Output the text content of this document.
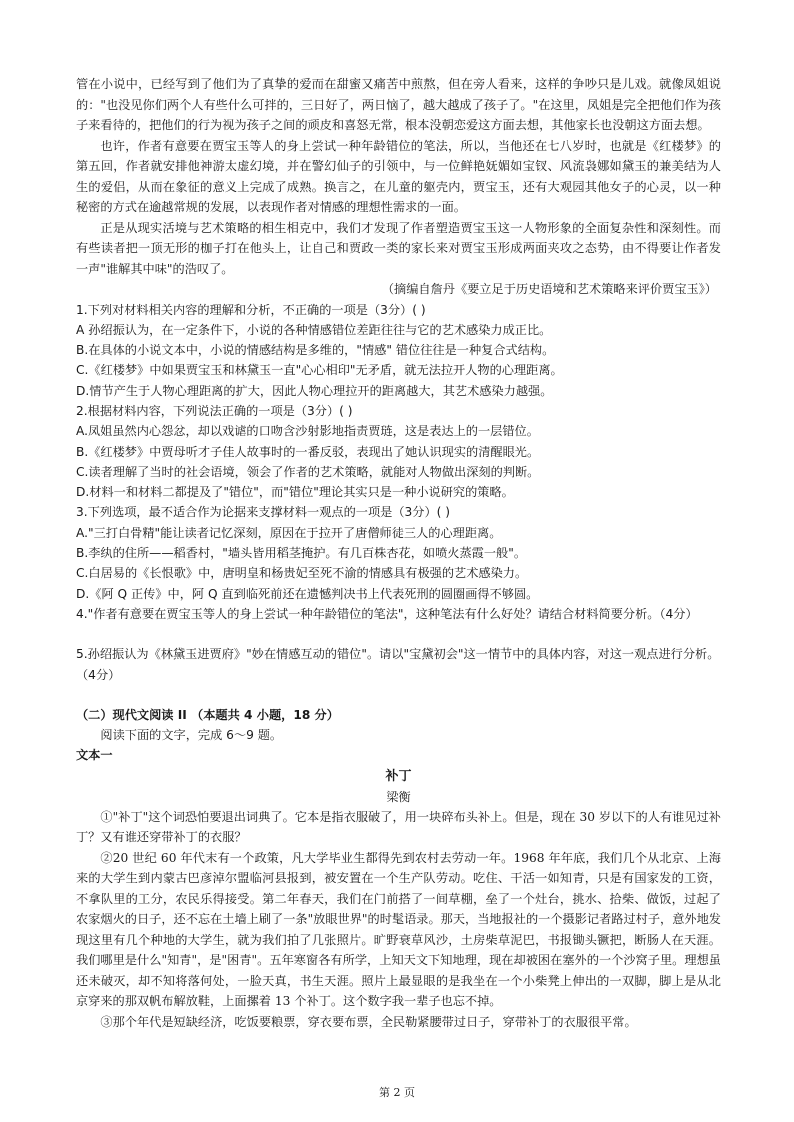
管在小说中，已经写到了他们为了真挚的爱而在甜蜜又痛苦中煎熬，但在旁人看来，这样的争吵只是儿戏。就像凤姐说的："也没见你们两个人有些什么可拌的，三日好了，两日恼了，越大越成了孩子了。"在这里，凤姐是完全把他们作为孩子来看待的，把他们的行为视为孩子之间的顽皮和喜怒无常，根本没朝恋爱这方面去想，其他家长也没朝这方面去想。

也许，作者有意要在贾宝玉等人的身上尝试一种年龄错位的笔法，所以，当他还在七八岁时，也就是《红楼梦》的第五回，作者就安排他神游太虚幻境，并在警幻仙子的引领中，与一位鲜艳妩媚如宝钗、风流袅娜如黛玉的兼美结为人生的爱侣，从而在象征的意义上完成了成熟。换言之，在儿童的躯壳内，贾宝玉，还有大观园其他女子的心灵，以一种秘密的方式在逾越常规的发展，以表现作者对情感的理想性需求的一面。

正是从现实活境与艺术策略的相生相克中，我们才发现了作者塑造贾宝玉这一人物形象的全面复杂性和深刻性。而有些读者把一顶无形的枷子打在他头上，让自己和贾政一类的家长来对贾宝玉形成两面夹攻之态势，由不得要让作者发一声"谁解其中味"的浩叹了。

（摘编自詹丹《要立足于历史语境和艺术策略来评价贾宝玉》）

1.下列对材料相关内容的理解和分析，不正确的一项是（3分）( )

A 孙绍振认为，在一定条件下，小说的各种情感错位差距往往与它的艺术感染力成正比。

B.在具体的小说文本中，小说的情感结构是多维的，"情感" 错位往往是一种复合式结构。

C.《红楼梦》中如果贾宝玉和林黛玉一直"心心相印"无矛盾，就无法拉开人物的心理距离。

D.情节产生于人物心理距离的扩大，因此人物心理拉开的距离越大，其艺术感染力越强。

2.根据材料内容，下列说法正确的一项是（3分）( )

A.凤姐虽然内心怨忿，却以戏谑的口吻含沙射影地指责贾琏，这是表达上的一层错位。

B.《红楼梦》中贾母听才子佳人故事时的一番反驳，表现出了她认识现实的清醒眼光。

C.读者理解了当时的社会语境，领会了作者的艺术策略，就能对人物做出深刻的判断。

D.材料一和材料二都提及了"错位"，而"错位"理论其实只是一种小说研究的策略。

3.下列选项，最不适合作为论据来支撑材料一观点的一项是（3分）( )

A."三打白骨精"能让读者记忆深刻，原因在于拉开了唐僧师徒三人的心理距离。

B.李纨的住所——稻香村，"墙头皆用稻茎掩护。有几百株杏花，如喷火蒸霞一般"。

C.白居易的《长恨歌》中，唐明皇和杨贵妃至死不渝的情感具有极强的艺术感染力。

D.《阿 Q 正传》中，阿 Q 直到临死前还在遗憾判决书上代表死刑的圆圈画得不够圆。

4."作者有意要在贾宝玉等人的身上尝试一种年龄错位的笔法"，这种笔法有什么好处？请结合材料简要分析。（4分）

5.孙绍振认为《林黛玉进贾府》"妙在情感互动的错位"。请以"宝黛初会"这一情节中的具体内容，对这一观点进行分析。（4分）

（二）现代文阅读 II （本题共 4 小题，18 分）

阅读下面的文字，完成 6～9 题。

文本一

补丁

梁衡

①"补丁"这个词恐怕要退出词典了。它本是指衣服破了，用一块碎布头补上。但是，现在 30 岁以下的人有谁见过补丁？又有谁还穿带补丁的衣服？

②20 世纪 60 年代末有一个政策，凡大学毕业生都得先到农村去劳动一年。1968 年年底，我们几个从北京、上海来的大学生到内蒙古巴彦淖尔盟临河县报到，被安置在一个生产队劳动。吃住、干活一如知青，只是有国家发的工资，不拿队里的工分，农民乐得接受。第二年春天，我们在门前搭了一间草棚，垒了一个灶台，挑水、拾柴、做饭，过起了农家烟火的日子，还不忘在土墙上刷了一条"放眼世界"的时髦语录。那天，当地报社的一个摄影记者路过村子，意外地发现这里有几个种地的大学生，就为我们拍了几张照片。旷野衰草风沙，土房柴草泥巴，书报锄头镢把，断肠人在天涯。我们哪里是什么"知青"，是"困青"。五年寒窗各有所学，上知天文下知地理，现在却被困在塞外的一个沙窝子里。理想虽还未破灭，却不知将落何处，一脸天真，书生天涯。照片上最显眼的是我坐在一个小柴凳上伸出的一双脚，脚上是从北京穿来的那双帆布解放鞋，上面摞着 13 个补丁。这个数字我一辈子也忘不掉。

③那个年代是短缺经济，吃饭要粮票，穿衣要布票，全民勒紧腰带过日子，穿带补丁的衣服很平常。

第 2 页
